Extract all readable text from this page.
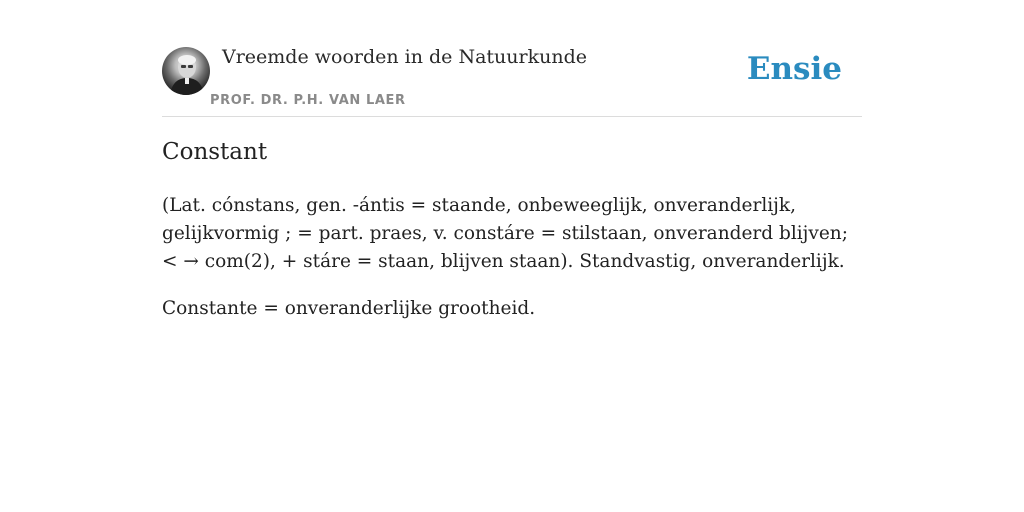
Vreemde woorden in de Natuurkunde
PROF. DR. P.H. VAN LAER
Ensie
Constant

(Lat. cónstans, gen. -ántis = staande, onbeweeglijk, onveranderlijk, gelijkvormig ; = part. praes, v. constáre = stilstaan, onveranderd blijven; < → com(2), + stáre = staan, blijven staan). Standvastig, onveranderlijk.

Constante = onveranderlijke grootheid.
